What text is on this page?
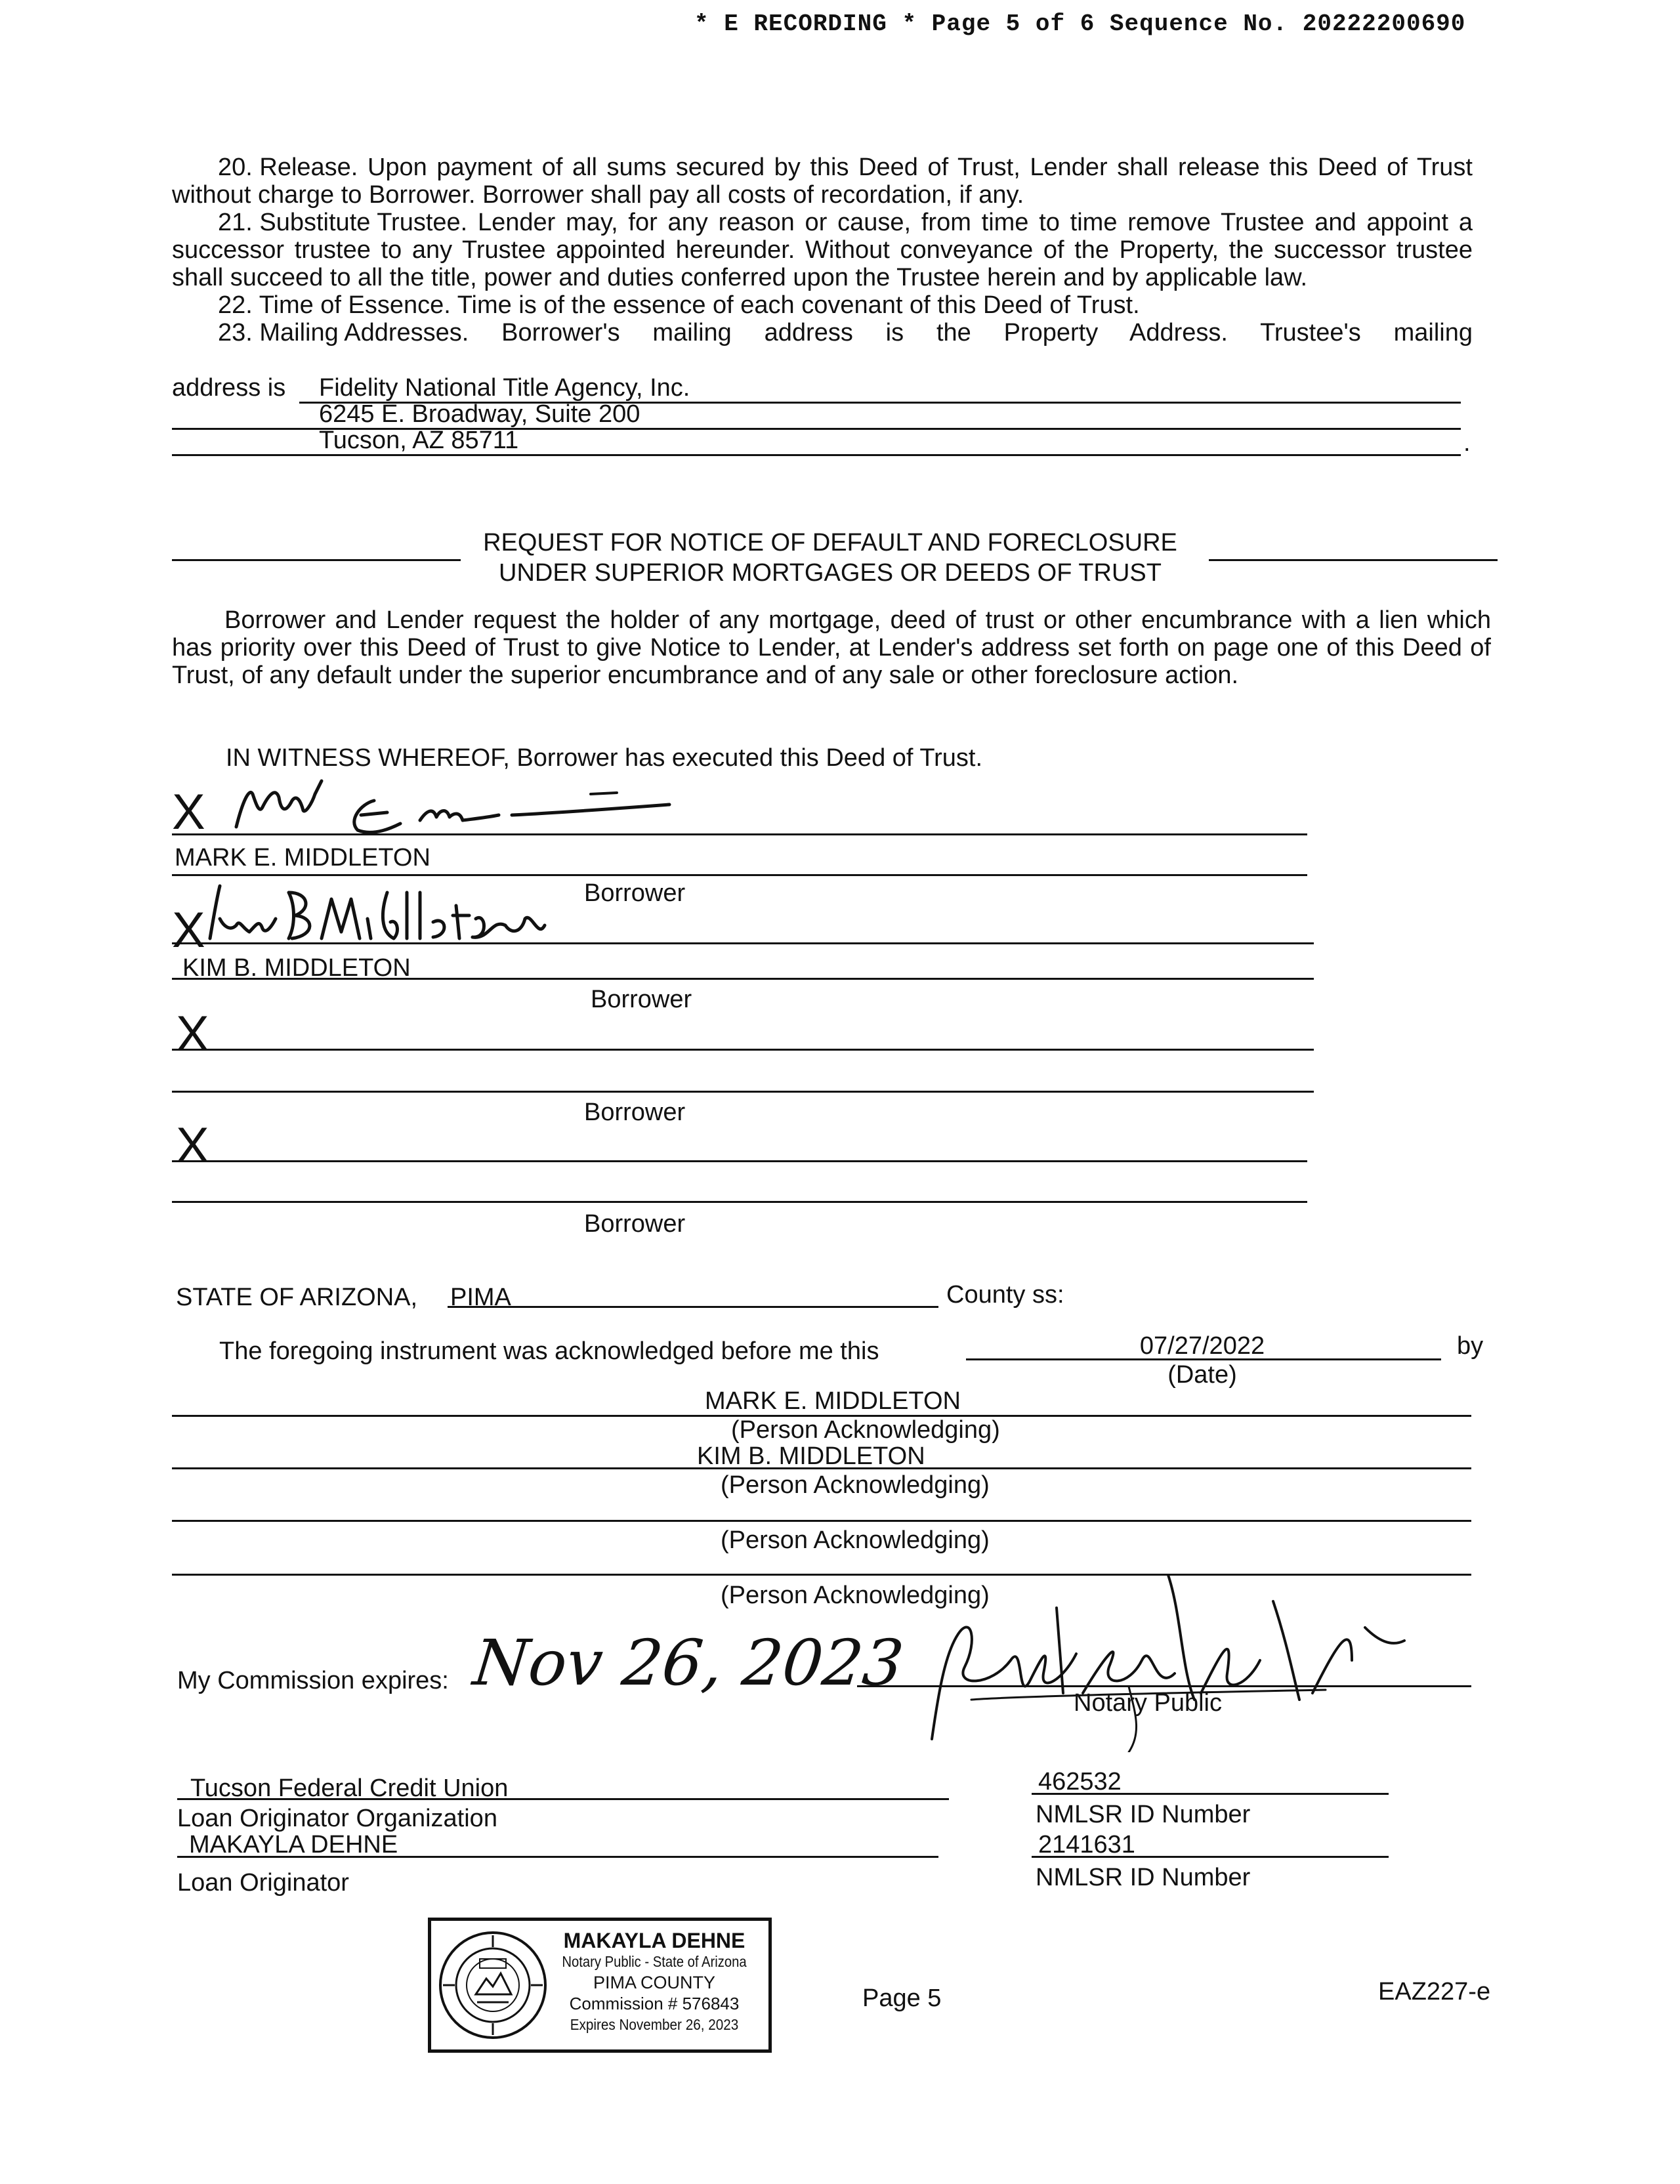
* E RECORDING * Page 5 of 6 Sequence No. 20222200690

20. Release. Upon payment of all sums secured by this Deed of Trust, Lender shall release this Deed of Trust without charge to Borrower. Borrower shall pay all costs of recordation, if any.

21. Substitute Trustee. Lender may, for any reason or cause, from time to time remove Trustee and appoint a successor trustee to any Trustee appointed hereunder. Without conveyance of the Property, the successor trustee shall succeed to all the title, power and duties conferred upon the Trustee herein and by applicable law.

22. Time of Essence. Time is of the essence of each covenant of this Deed of Trust.

23. Mailing Addresses. Borrower's mailing address is the Property Address. Trustee's mailing

address is Fidelity National Title Agency, Inc.
6245 E. Broadway, Suite 200
Tucson, AZ 85711	.
REQUEST FOR NOTICE OF DEFAULT AND FORECLOSURE
UNDER SUPERIOR MORTGAGES OR DEEDS OF TRUST
Borrower and Lender request the holder of any mortgage, deed of trust or other encumbrance with a lien which has priority over this Deed of Trust to give Notice to Lender, at Lender's address set forth on page one of this Deed of Trust, of any default under the superior encumbrance and of any sale or other foreclosure action.
IN WITNESS WHEREOF, Borrower has executed this Deed of Trust.
X
MARK E. MIDDLETON
Borrower
X
KIM B. MIDDLETON
Borrower
X
Borrower
X
Borrower
STATE OF ARIZONA, PIMA	County ss:
The foregoing instrument was acknowledged before me this	07/27/2022	by
(Date)
MARK E. MIDDLETON
(Person Acknowledging)
KIM B. MIDDLETON
(Person Acknowledging)
(Person Acknowledging)
(Person Acknowledging)
My Commission expires: Nov 26, 2023
Notary Public
Tucson Federal Credit Union
Loan Originator Organization
MAKAYLA DEHNE
Loan Originator
462532
NMLSR ID Number
2141631
NMLSR ID Number
MAKAYLA DEHNE
Notary Public - State of Arizona
PIMA COUNTY
Commission # 576843
Expires November 26, 2023
Page 5	EAZ227-e
